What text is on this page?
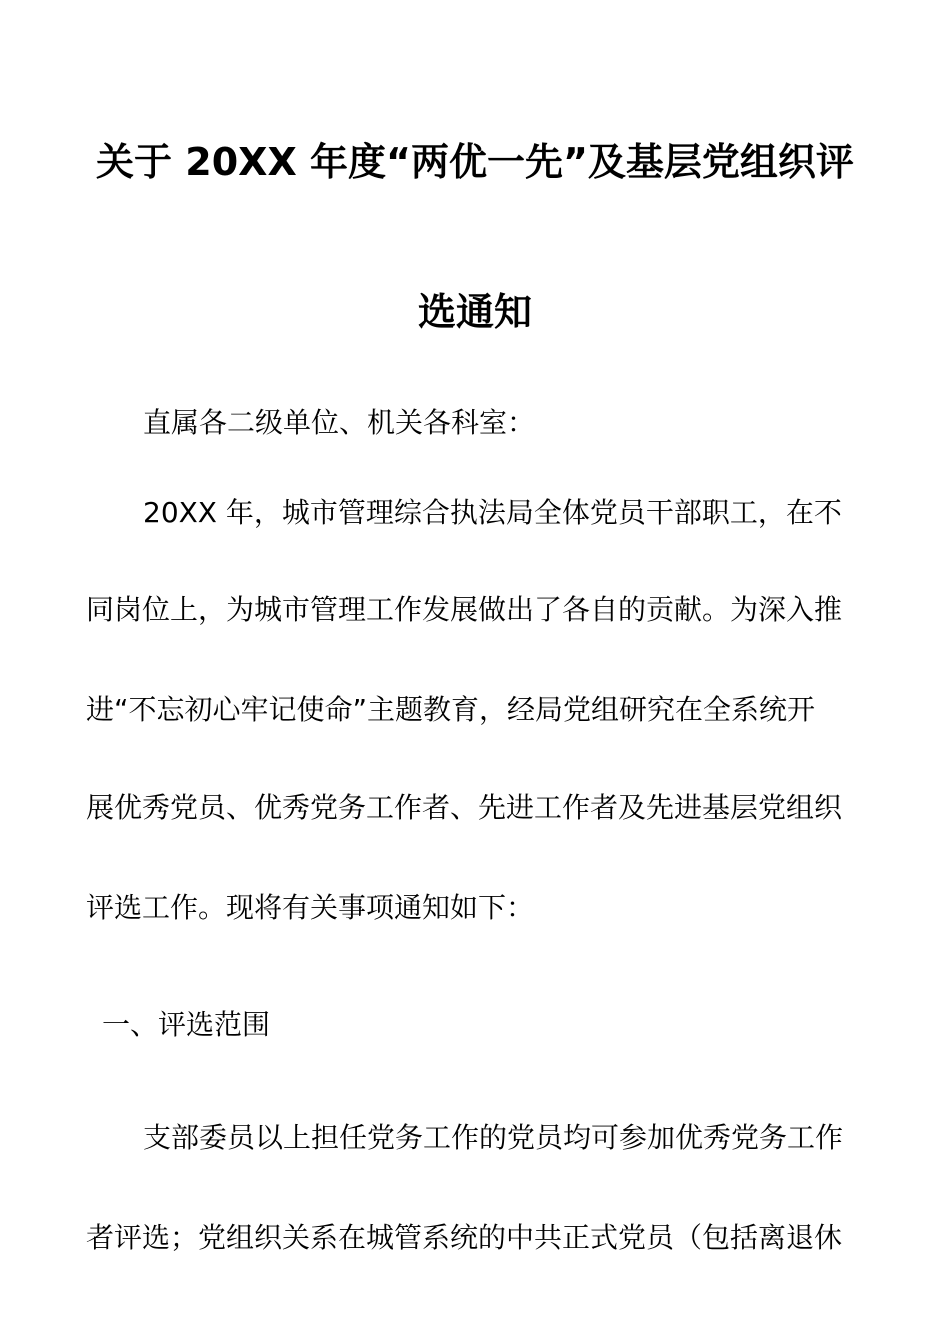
关于 20XX 年度“两优一先”及基层党组织评
选通知
直属各二级单位、机关各科室：
20XX 年，城市管理综合执法局全体党员干部职工，在不
同岗位上，为城市管理工作发展做出了各自的贡献。为深入推
进“不忘初心牢记使命”主题教育，经局党组研究在全系统开
展优秀党员、优秀党务工作者、先进工作者及先进基层党组织
评选工作。现将有关事项通知如下：
一、评选范围
支部委员以上担任党务工作的党员均可参加优秀党务工作
者评选；党组织关系在城管系统的中共正式党员（包括离退休
